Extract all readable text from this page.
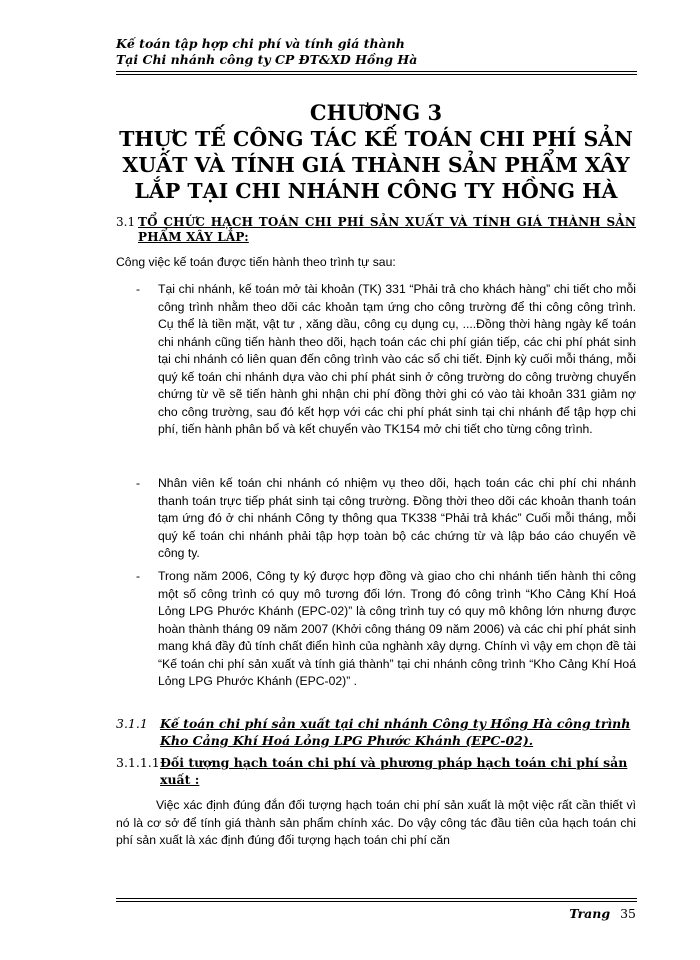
Kế toán tập hợp chi phí và tính giá thành
Tại Chi nhánh công ty CP ĐT&XD Hồng Hà
CHƯƠNG 3
THỰC TẾ CÔNG TÁC KẾ TOÁN CHI PHÍ SẢN XUẤT VÀ TÍNH GIÁ THÀNH SẢN PHẨM XÂY LẮP TẠI CHI NHÁNH CÔNG TY HỒNG HÀ
3.1 TỔ CHỨC HẠCH TOÁN CHI PHÍ SẢN XUẤT VÀ TÍNH GIÁ THÀNH SẢN PHẨM XÂY LẮP:
Công việc kế toán được tiến hành theo trình tự sau:
- Tại chi nhánh, kế toán mở tài khoản (TK) 331 “Phải trả cho khách hàng” chi tiết cho mỗi công trình nhằm theo dõi các khoản tạm ứng cho công trường để thi công công trình. Cụ thể là tiền mặt, vật tư , xăng dầu, công cụ dụng cụ, ....Đồng thời hàng ngày kế toán chi nhánh cũng tiến hành theo dõi, hạch toán các chi phí gián tiếp, các chi phí phát sinh tại chi nhánh có liên quan đến công trình vào các sổ chi tiết. Định kỳ cuối mỗi tháng, mỗi quý kế toán chi nhánh dựa vào chi phí phát sinh ở công trường do công trường chuyển chứng từ về sẽ tiến hành ghi nhận chi phí đồng thời ghi có vào tài khoản 331 giảm nợ cho công trường, sau đó kết hợp với các chi phí phát sinh tại chi nhánh để tập hợp chi phí, tiến hành phân bổ và kết chuyển vào TK154 mở chi tiết cho từng công trình.
- Nhân viên kế toán chi nhánh có nhiệm vụ theo dõi, hạch toán các chi phí chi nhánh thanh toán trực tiếp phát sinh tại công trường. Đồng thời theo dõi các khoản thanh toán tạm ứng đó ở chi nhánh Công ty thông qua TK338 “Phải trả khác” Cuối mỗi tháng, mỗi quý kế toán chi nhánh phải tập hợp toàn bộ các chứng từ và lập báo cáo chuyển về công ty.
- Trong năm 2006, Công ty ký được hợp đồng và giao cho chi nhánh tiến hành thi công một số công trình có quy mô tương đối lớn. Trong đó công trình “Kho Cảng Khí Hoá Lỏng LPG Phước Khánh (EPC-02)” là công trình tuy có quy mô không lớn nhưng được hoàn thành tháng 09 năm 2007 (Khởi công tháng 09 năm 2006) và các chi phí phát sinh mang khá đầy đủ tính chất điển hình của nghành xây dựng. Chính vì vậy em chọn đề tài “Kế toán chi phí sản xuất và tính giá thành” tại chi nhánh công trình “Kho Cảng Khí Hoá Lỏng LPG Phước Khánh (EPC-02)” .
3.1.1 Kế toán chi phí sản xuất tại chi nhánh Công ty Hồng Hà công trình Kho Cảng Khí Hoá Lỏng LPG Phước Khánh (EPC-02).
3.1.1.1 Đối tượng hạch toán chi phí và phương pháp hạch toán chi phí sản xuất :
Việc xác định đúng đắn đối tượng hạch toán chi phí sản xuất là một việc rất cần thiết vì nó là cơ sở để tính giá thành sản phẩm chính xác. Do vậy công tác đầu tiên của hạch toán chi phí sản xuất là xác định đúng đối tượng hạch toán chi phí căn
Trang 35
